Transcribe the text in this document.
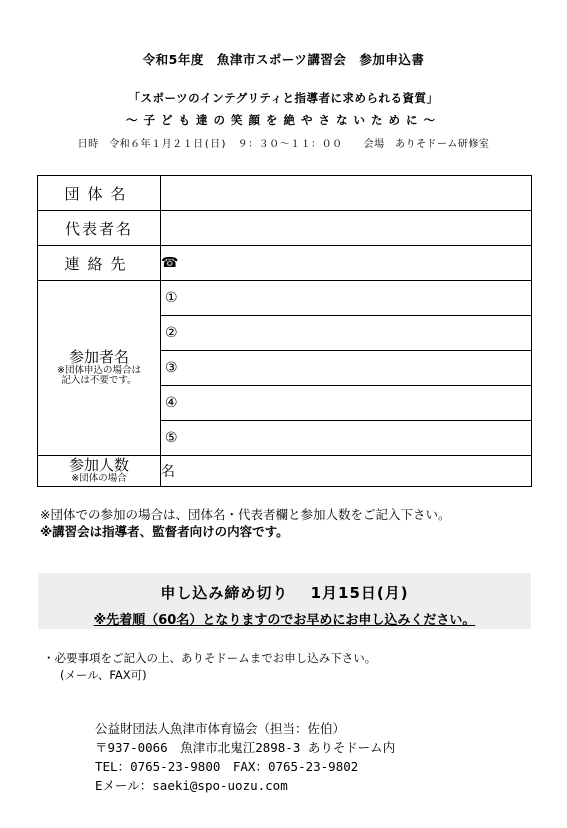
令和5年度　魚津市スポーツ講習会　参加申込書
「スポーツのインテグリティと指導者に求められる資質」
～子ども達の笑顔を絶やさないために～
日時　令和６年１月２１日(日)　９：３０～１１：００　　会場　ありそドーム研修室
団体名	
代表者名	
連絡先	☎

参加者名
※団体申込の場合は
記入は不要です。	①
	②
	③
	④
	⑤

参加人数
※団体の場合	名
※団体での参加の場合は、団体名・代表者欄と参加人数をご記入下さい。
※講習会は指導者、監督者向けの内容です。
申し込み締め切り　 1月15日(月)
※先着順（60名）となりますのでお早めにお申し込みください。
・必要事項をご記入の上、ありそドームまでお申し込み下さい。
(メール、FAX可)
公益財団法人魚津市体育協会（担当：佐伯）
〒937-0066　魚津市北鬼江2898-3 ありそドーム内
TEL：0765-23-9800　FAX：0765-23-9802
Eメール：saeki@spo-uozu.com
